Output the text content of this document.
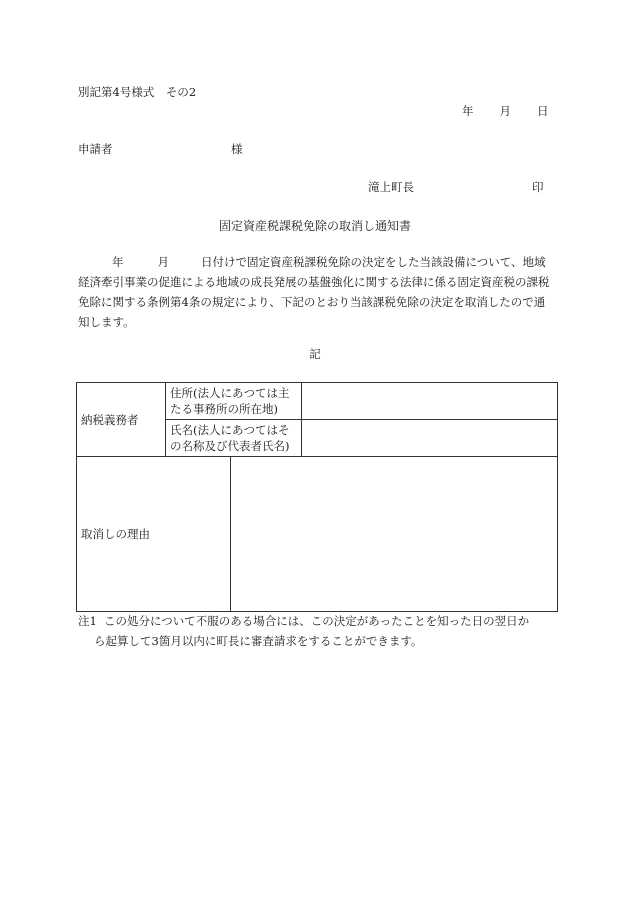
別記第4号様式　その2
年 月 日
申請者	様
滝上町長	印
固定資産税課税免除の取消し通知書
年	月	日付けで固定資産税課税免除の決定をした当該設備について、地域経済牽引事業の促進による地域の成長発展の基盤強化に関する法律に係る固定資産税の課税免除に関する条例第4条の規定により、下記のとおり当該課税免除の決定を取消したので通知します。
記
納税義務者	住所(法人にあつては主たる事務所の所在地)		
	氏名(法人にあつてはその名称及び代表者氏名)		
取消しの理由			
注1 この処分について不服のある場合には、この決定があったことを知った日の翌日か
ら起算して3箇月以内に町長に審査請求をすることができます。
